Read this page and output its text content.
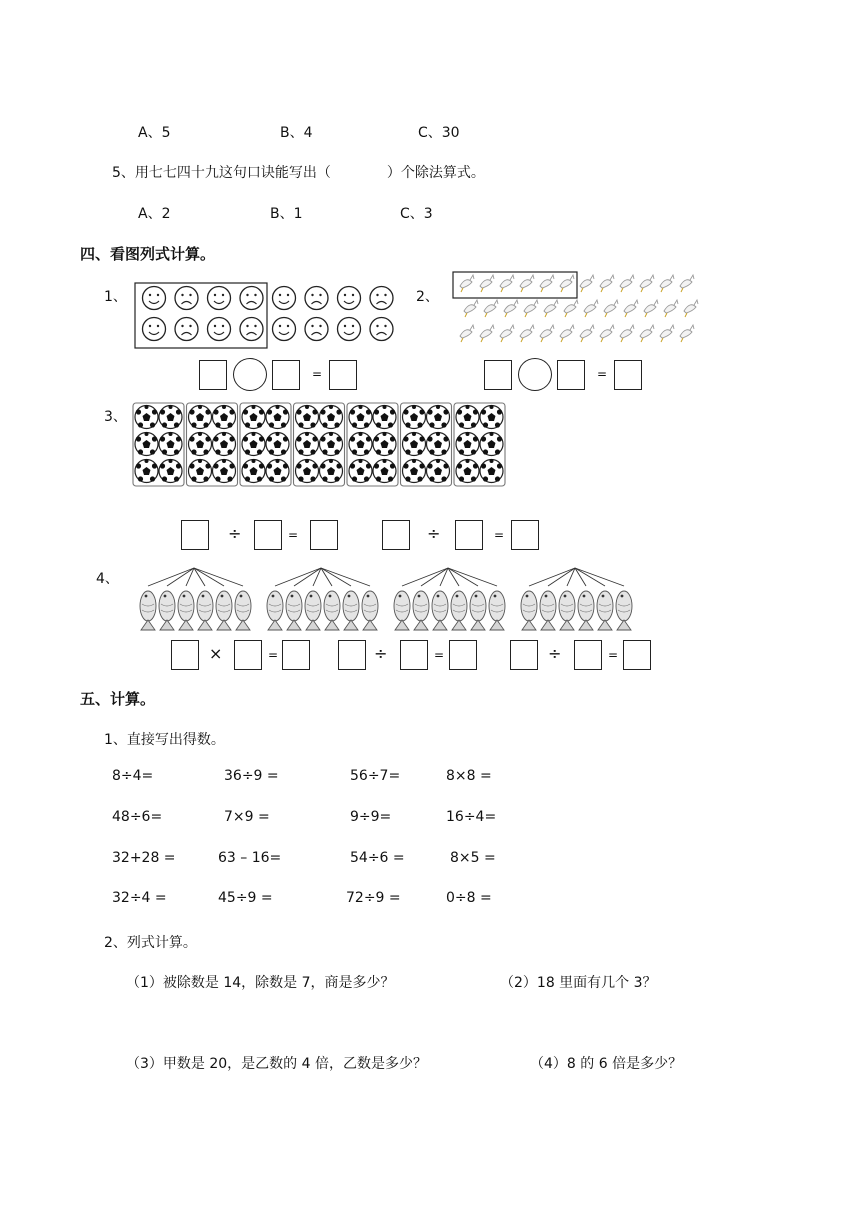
A、5	B、4	C、30
5、用七七四十九这句口诀能写出（　　　　）个除法算式。
A、2	B、1	C、3
四、看图列式计算。
1、
=
2、
=
3、
÷	=	÷	=
4、
×	=	÷	=	÷	=
五、计算。
1、直接写出得数。
8÷4=	36÷9 =	56÷7=	8×8 =
48÷6=	7×9 =	9÷9=	16÷4=
32+28 =	63 – 16=	54÷6 =	8×5 =
32÷4 =	45÷9 =	72÷9 =	0÷8 =
2、列式计算。
（1）被除数是 14，除数是 7，商是多少？	（2）18 里面有几个 3？
（3）甲数是 20，是乙数的 4 倍，乙数是多少？	（4）8 的 6 倍是多少？
